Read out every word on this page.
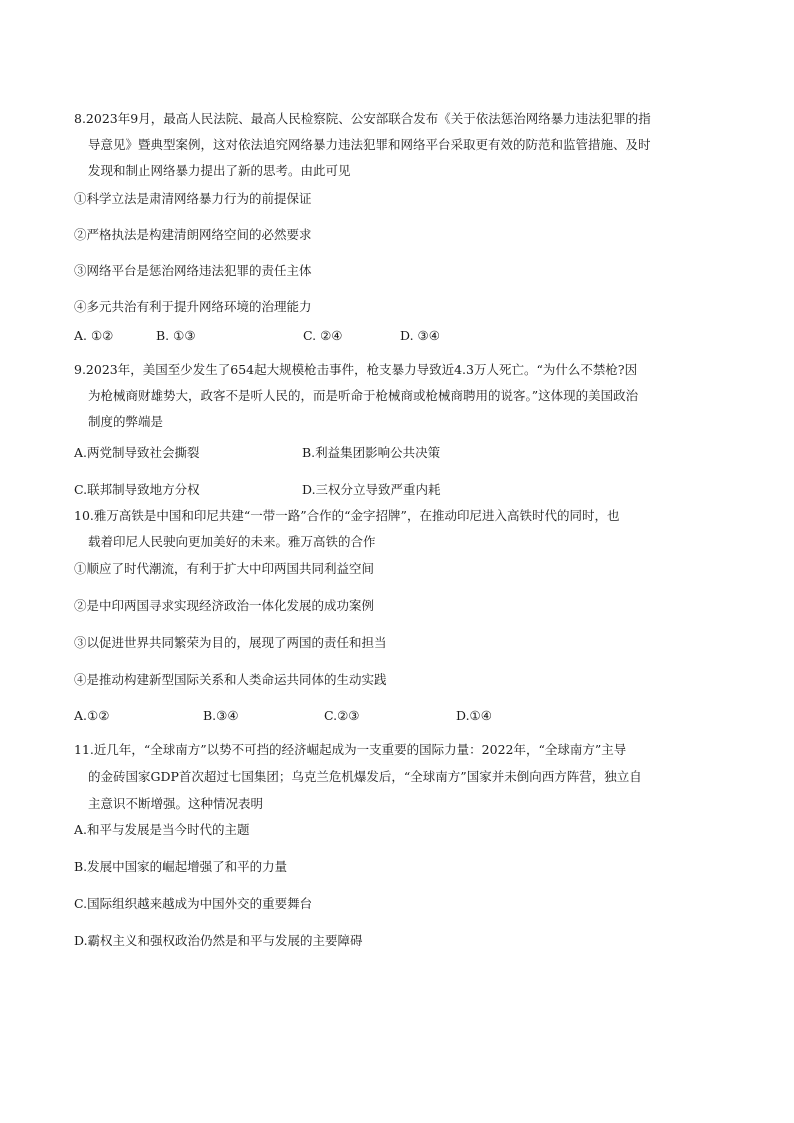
8.2023年9月，最高人民法院、最高人民检察院、公安部联合发布《关于依法惩治网络暴力违法犯罪的指
导意见》暨典型案例，这对依法追究网络暴力违法犯罪和网络平台采取更有效的防范和监管措施、及时
发现和制止网络暴力提出了新的思考。由此可见
①科学立法是肃清网络暴力行为的前提保证
②严格执法是构建清朗网络空间的必然要求
③网络平台是惩治网络违法犯罪的责任主体
④多元共治有利于提升网络环境的治理能力
A. ①②	B. ①③	C. ②④	D. ③④
9.2023年，美国至少发生了654起大规模枪击事件，枪支暴力导致近4.3万人死亡。“为什么不禁枪?因
为枪械商财雄势大，政客不是听人民的，而是听命于枪械商或枪械商聘用的说客。”这体现的美国政治
制度的弊端是
A.两党制导致社会撕裂	B.利益集团影响公共决策
C.联邦制导致地方分权	D.三权分立导致严重内耗
10.雅万高铁是中国和印尼共建“一带一路”合作的“金字招牌”，在推动印尼进入高铁时代的同时，也
载着印尼人民驶向更加美好的未来。雅万高铁的合作
①顺应了时代潮流，有利于扩大中印两国共同利益空间
②是中印两国寻求实现经济政治一体化发展的成功案例
③以促进世界共同繁荣为目的，展现了两国的责任和担当
④是推动构建新型国际关系和人类命运共同体的生动实践
A.①②	B.③④	C.②③	D.①④
11.近几年，“全球南方”以势不可挡的经济崛起成为一支重要的国际力量：2022年，“全球南方”主导
的金砖国家GDP首次超过七国集团；乌克兰危机爆发后，“全球南方”国家并未倒向西方阵营，独立自
主意识不断增强。这种情况表明
A.和平与发展是当今时代的主题
B.发展中国家的崛起增强了和平的力量
C.国际组织越来越成为中国外交的重要舞台
D.霸权主义和强权政治仍然是和平与发展的主要障碍
